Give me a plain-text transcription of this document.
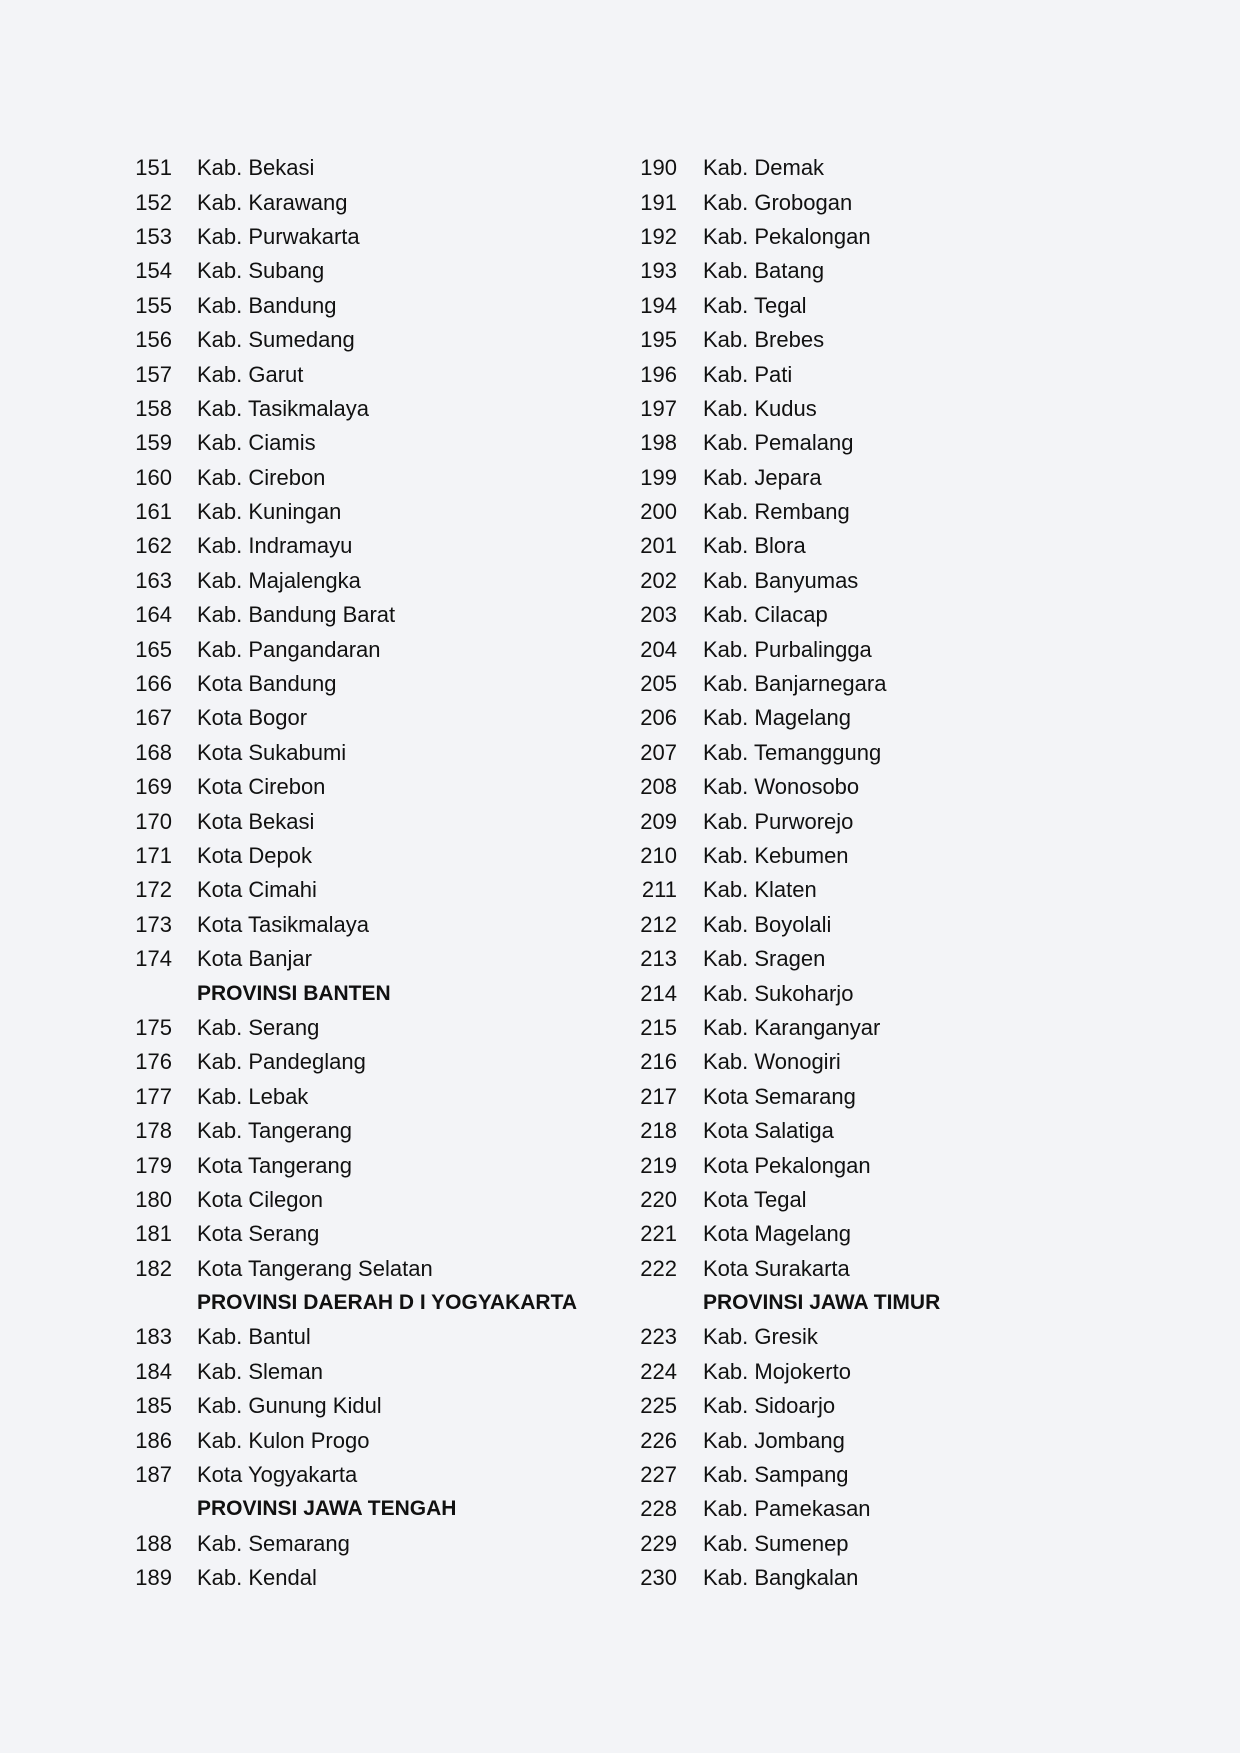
151 Kab. Bekasi
152 Kab. Karawang
153 Kab. Purwakarta
154 Kab. Subang
155 Kab. Bandung
156 Kab. Sumedang
157 Kab. Garut
158 Kab. Tasikmalaya
159 Kab. Ciamis
160 Kab. Cirebon
161 Kab. Kuningan
162 Kab. Indramayu
163 Kab. Majalengka
164 Kab. Bandung Barat
165 Kab. Pangandaran
166 Kota Bandung
167 Kota Bogor
168 Kota Sukabumi
169 Kota Cirebon
170 Kota Bekasi
171 Kota Depok
172 Kota Cimahi
173 Kota Tasikmalaya
174 Kota Banjar
PROVINSI BANTEN
175 Kab. Serang
176 Kab. Pandeglang
177 Kab. Lebak
178 Kab. Tangerang
179 Kota Tangerang
180 Kota Cilegon
181 Kota Serang
182 Kota Tangerang Selatan
PROVINSI DAERAH D I YOGYAKARTA
183 Kab. Bantul
184 Kab. Sleman
185 Kab. Gunung Kidul
186 Kab. Kulon Progo
187 Kota Yogyakarta
PROVINSI JAWA TENGAH
188 Kab. Semarang
189 Kab. Kendal
190 Kab. Demak
191 Kab. Grobogan
192 Kab. Pekalongan
193 Kab. Batang
194 Kab. Tegal
195 Kab. Brebes
196 Kab. Pati
197 Kab. Kudus
198 Kab. Pemalang
199 Kab. Jepara
200 Kab. Rembang
201 Kab. Blora
202 Kab. Banyumas
203 Kab. Cilacap
204 Kab. Purbalingga
205 Kab. Banjarnegara
206 Kab. Magelang
207 Kab. Temanggung
208 Kab. Wonosobo
209 Kab. Purworejo
210 Kab. Kebumen
211 Kab. Klaten
212 Kab. Boyolali
213 Kab. Sragen
214 Kab. Sukoharjo
215 Kab. Karanganyar
216 Kab. Wonogiri
217 Kota Semarang
218 Kota Salatiga
219 Kota Pekalongan
220 Kota Tegal
221 Kota Magelang
222 Kota Surakarta
PROVINSI JAWA TIMUR
223 Kab. Gresik
224 Kab. Mojokerto
225 Kab. Sidoarjo
226 Kab. Jombang
227 Kab. Sampang
228 Kab. Pamekasan
229 Kab. Sumenep
230 Kab. Bangkalan
